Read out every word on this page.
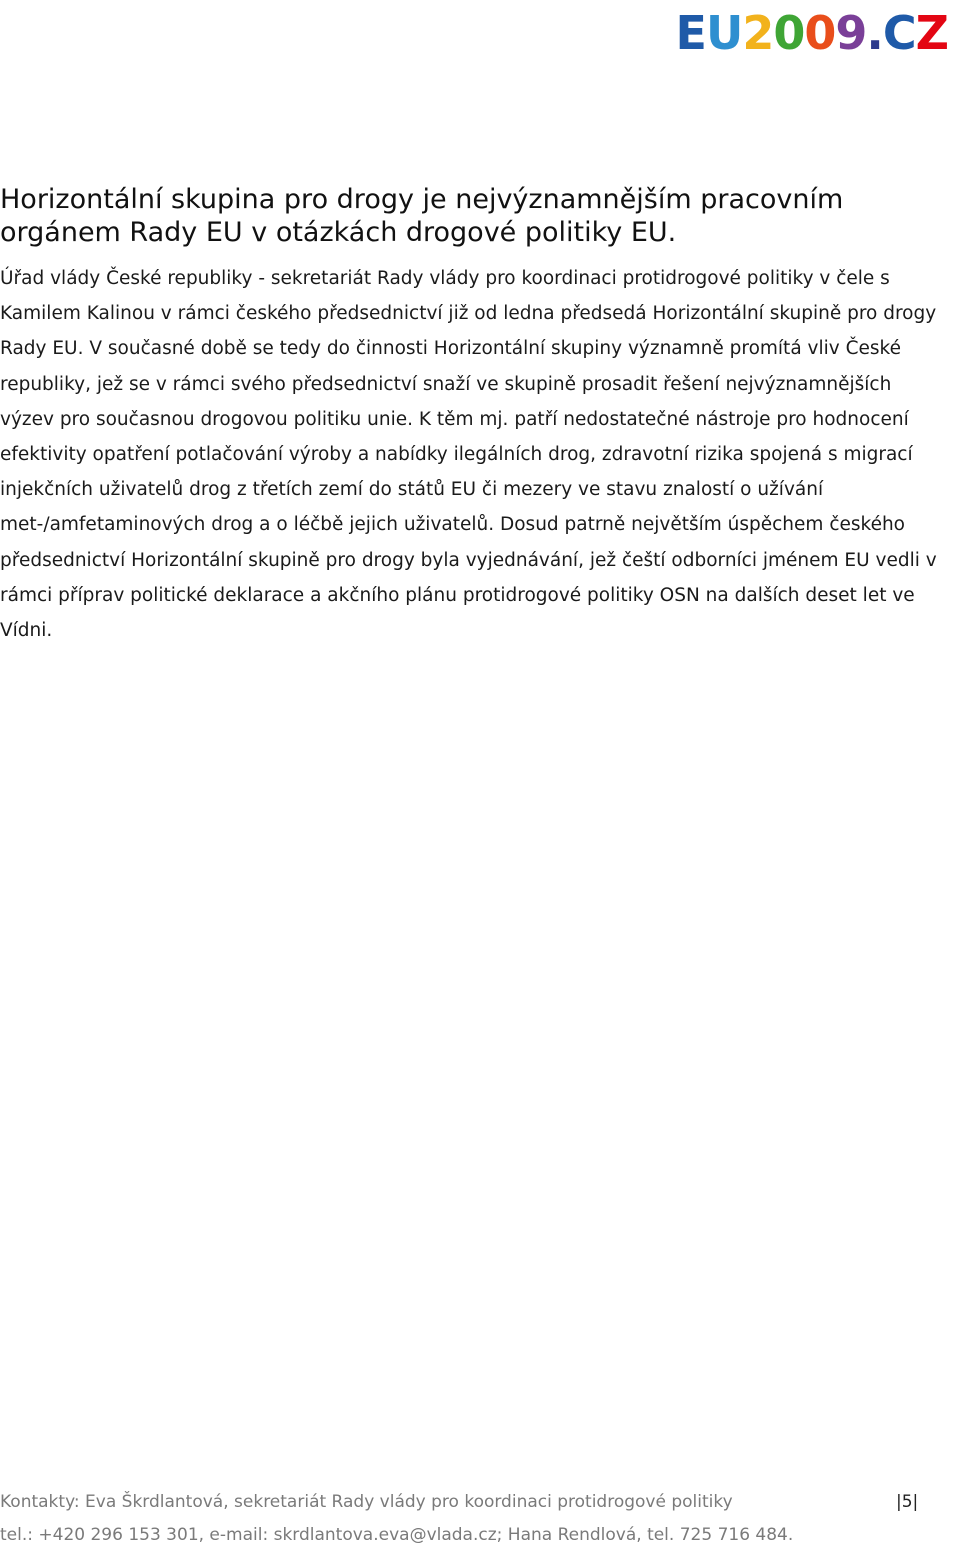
EU2009.CZ
Horizontální skupina pro drogy je nejvýznamnějším pracovním orgánem Rady EU v otázkách drogové politiky EU.

Úřad vlády České republiky - sekretariát Rady vlády pro koordinaci protidrogové politiky v čele s Kamilem Kalinou v rámci českého předsednictví již od ledna předsedá Horizontální skupině pro drogy Rady EU. V současné době se tedy do činnosti Horizontální skupiny významně promítá vliv České republiky, jež se v rámci svého předsednictví snaží ve skupině prosadit řešení nejvýznamnějších výzev pro současnou drogovou politiku unie. K těm mj. patří nedostatečné nástroje pro hodnocení efektivity opatření potlačování výroby a nabídky ilegálních drog, zdravotní rizika spojená s migrací injekčních uživatelů drog z třetích zemí do států EU či mezery ve stavu znalostí o užívání met-/amfetaminových drog a o léčbě jejich uživatelů. Dosud patrně největším úspěchem českého předsednictví Horizontální skupině pro drogy byla vyjednávání, jež čeští odborníci jménem EU vedli v rámci příprav politické deklarace a akčního plánu protidrogové politiky OSN na dalších deset let ve Vídni.

Kontakty: Eva Škrdlantová, sekretariát Rady vlády pro koordinaci protidrogové politiky	|5|
tel.: +420 296 153 301, e-mail: skrdlantova.eva@vlada.cz; Hana Rendlová, tel. 725 716 484.
